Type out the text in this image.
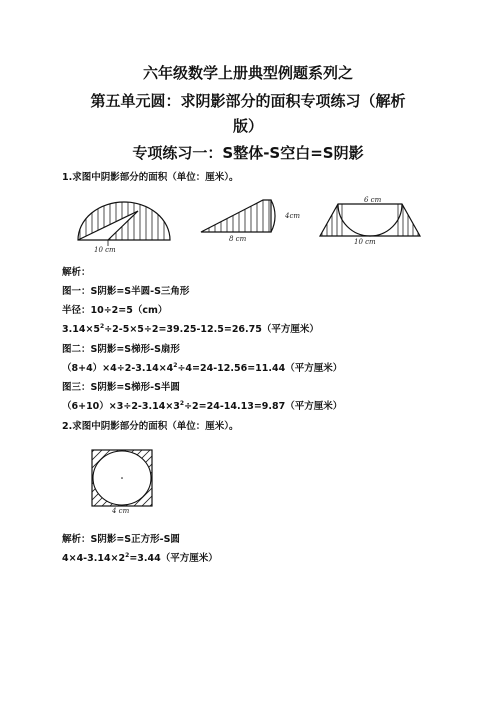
六年级数学上册典型例题系列之
第五单元圆：求阴影部分的面积专项练习（解析
版）
专项练习一：S整体-S空白=S阴影
1.求图中阴影部分的面积（单位：厘米）。
10 cm
8 cm
4cm
6 cm
10 cm
解析：
图一：S阴影=S半圆-S三角形
半径：10÷2=5（cm）
$3.14\times 5^2\div 2-5\times 5\div 2=39.25-12.5=26.75$（平方厘米）
图二：S阴影=S梯形-S扇形
$(8+4)\times 4\div 2-3.14\times 4^2\div 4=24-12.56=11.44$（平方厘米）
图三：S阴影=S梯形-S半圆
$(6+10)\times 3\div 2-3.14\times 3^2\div 2=24-14.13=9.87$（平方厘米）
2.求图中阴影部分的面积（单位：厘米）。
4 cm
解析：S阴影=S正方形-S圆
$4\times 4-3.14\times 2^2=3.44$（平方厘米）
